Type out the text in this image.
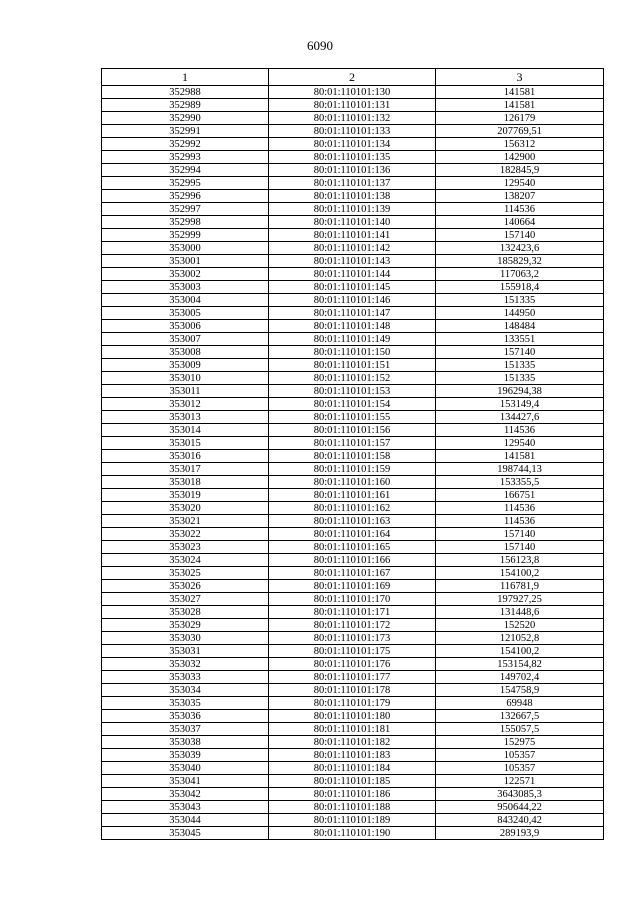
6090
1	2	3
352988	80:01:110101:130	141581
352989	80:01:110101:131	141581
352990	80:01:110101:132	126179
352991	80:01:110101:133	207769,51
352992	80:01:110101:134	156312
352993	80:01:110101:135	142900
352994	80:01:110101:136	182845,9
352995	80:01:110101:137	129540
352996	80:01:110101:138	138207
352997	80:01:110101:139	114536
352998	80:01:110101:140	140664
352999	80:01:110101:141	157140
353000	80:01:110101:142	132423,6
353001	80:01:110101:143	185829,32
353002	80:01:110101:144	117063,2
353003	80:01:110101:145	155918,4
353004	80:01:110101:146	151335
353005	80:01:110101:147	144950
353006	80:01:110101:148	148484
353007	80:01:110101:149	133551
353008	80:01:110101:150	157140
353009	80:01:110101:151	151335
353010	80:01:110101:152	151335
353011	80:01:110101:153	196294,38
353012	80:01:110101:154	153149,4
353013	80:01:110101:155	134427,6
353014	80:01:110101:156	114536
353015	80:01:110101:157	129540
353016	80:01:110101:158	141581
353017	80:01:110101:159	198744,13
353018	80:01:110101:160	153355,5
353019	80:01:110101:161	166751
353020	80:01:110101:162	114536
353021	80:01:110101:163	114536
353022	80:01:110101:164	157140
353023	80:01:110101:165	157140
353024	80:01:110101:166	156123,8
353025	80:01:110101:167	154100,2
353026	80:01:110101:169	116781,9
353027	80:01:110101:170	197927,25
353028	80:01:110101:171	131448,6
353029	80:01:110101:172	152520
353030	80:01:110101:173	121052,8
353031	80:01:110101:175	154100,2
353032	80:01:110101:176	153154,82
353033	80:01:110101:177	149702,4
353034	80:01:110101:178	154758,9
353035	80:01:110101:179	69948
353036	80:01:110101:180	132667,5
353037	80:01:110101:181	155057,5
353038	80:01:110101:182	152975
353039	80:01:110101:183	105357
353040	80:01:110101:184	105357
353041	80:01:110101:185	122571
353042	80:01:110101:186	3643085,3
353043	80:01:110101:188	950644,22
353044	80:01:110101:189	843240,42
353045	80:01:110101:190	289193,9
